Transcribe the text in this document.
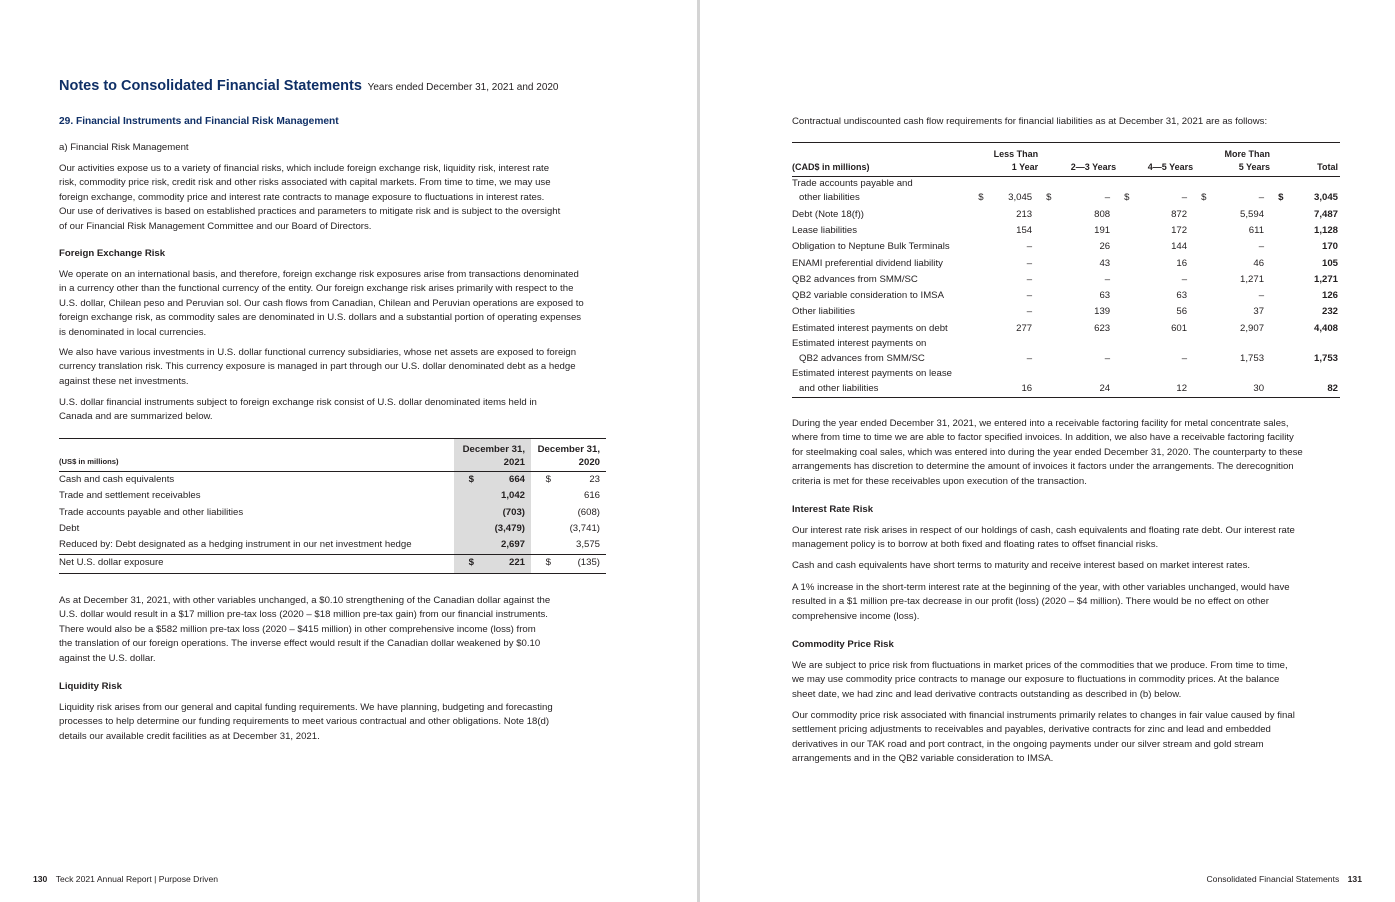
Notes to Consolidated Financial Statements Years ended December 31, 2021 and 2020
29. Financial Instruments and Financial Risk Management
a) Financial Risk Management
Our activities expose us to a variety of financial risks, which include foreign exchange risk, liquidity risk, interest rate
risk, commodity price risk, credit risk and other risks associated with capital markets. From time to time, we may use
foreign exchange, commodity price and interest rate contracts to manage exposure to fluctuations in interest rates.
Our use of derivatives is based on established practices and parameters to mitigate risk and is subject to the oversight
of our Financial Risk Management Committee and our Board of Directors.
Foreign Exchange Risk
We operate on an international basis, and therefore, foreign exchange risk exposures arise from transactions denominated
in a currency other than the functional currency of the entity. Our foreign exchange risk arises primarily with respect to the
U.S. dollar, Chilean peso and Peruvian sol. Our cash flows from Canadian, Chilean and Peruvian operations are exposed to
foreign exchange risk, as commodity sales are denominated in U.S. dollars and a substantial portion of operating expenses
is denominated in local currencies.
We also have various investments in U.S. dollar functional currency subsidiaries, whose net assets are exposed to foreign
currency translation risk. This currency exposure is managed in part through our U.S. dollar denominated debt as a hedge
against these net investments.
U.S. dollar financial instruments subject to foreign exchange risk consist of U.S. dollar denominated items held in
Canada and are summarized below.
(US$ in millions)	December 31,
2021		December 31,
2020	

Cash and cash equivalents	$	664	$	23
Trade and settlement receivables		1,042		616
Trade accounts payable and other liabilities		(703)		(608)
Debt		(3,479)		(3,741)
Reduced by: Debt designated as a hedging instrument in our net investment hedge		2,697		3,575
Net U.S. dollar exposure	$	221	$	(135)
As at December 31, 2021, with other variables unchanged, a $0.10 strengthening of the Canadian dollar against the
U.S. dollar would result in a $17 million pre-tax loss (2020 – $18 million pre-tax gain) from our financial instruments.
There would also be a $582 million pre-tax loss (2020 – $415 million) in other comprehensive income (loss) from
the translation of our foreign operations. The inverse effect would result if the Canadian dollar weakened by $0.10
against the U.S. dollar.
Liquidity Risk
Liquidity risk arises from our general and capital funding requirements. We have planning, budgeting and forecasting
processes to help determine our funding requirements to meet various contractual and other obligations. Note 18(d)
details our available credit facilities as at December 31, 2021.
130 Teck 2021 Annual Report | Purpose Driven
Contractual undiscounted cash flow requirements for financial liabilities as at December 31, 2021 are as follows:
(CAD$ in millions)		Less Than
1 Year		2—3 Years		4—5 Years		More Than
5 Years		Total

Trade accounts payable and
other liabilities	$	3,045	$	–	$	–	$	–	$	3,045
Debt (Note 18(f))		213		808		872		5,594		7,487
Lease liabilities		154		191		172		611		1,128
Obligation to Neptune Bulk Terminals		–		26		144		–		170
ENAMI preferential dividend liability		–		43		16		46		105
QB2 advances from SMM/SC		–		–		–		1,271		1,271
QB2 variable consideration to IMSA		–		63		63		–		126
Other liabilities		–		139		56		37		232
Estimated interest payments on debt		277		623		601		2,907		4,408

Estimated interest payments on
QB2 advances from SMM/SC		–		–		–		1,753		1,753

Estimated interest payments on lease
and other liabilities		16		24		12		30		82
During the year ended December 31, 2021, we entered into a receivable factoring facility for metal concentrate sales,
where from time to time we are able to factor specified invoices. In addition, we also have a receivable factoring facility
for steelmaking coal sales, which was entered into during the year ended December 31, 2020. The counterparty to these
arrangements has discretion to determine the amount of invoices it factors under the arrangements. The derecognition
criteria is met for these receivables upon execution of the transaction.
Interest Rate Risk
Our interest rate risk arises in respect of our holdings of cash, cash equivalents and floating rate debt. Our interest rate
management policy is to borrow at both fixed and floating rates to offset financial risks.
Cash and cash equivalents have short terms to maturity and receive interest based on market interest rates.
A 1% increase in the short-term interest rate at the beginning of the year, with other variables unchanged, would have
resulted in a $1 million pre-tax decrease in our profit (loss) (2020 – $4 million). There would be no effect on other
comprehensive income (loss).
Commodity Price Risk
We are subject to price risk from fluctuations in market prices of the commodities that we produce. From time to time,
we may use commodity price contracts to manage our exposure to fluctuations in commodity prices. At the balance
sheet date, we had zinc and lead derivative contracts outstanding as described in (b) below.
Our commodity price risk associated with financial instruments primarily relates to changes in fair value caused by final
settlement pricing adjustments to receivables and payables, derivative contracts for zinc and lead and embedded
derivatives in our TAK road and port contract, in the ongoing payments under our silver stream and gold stream
arrangements and in the QB2 variable consideration to IMSA.
Consolidated Financial Statements 131
